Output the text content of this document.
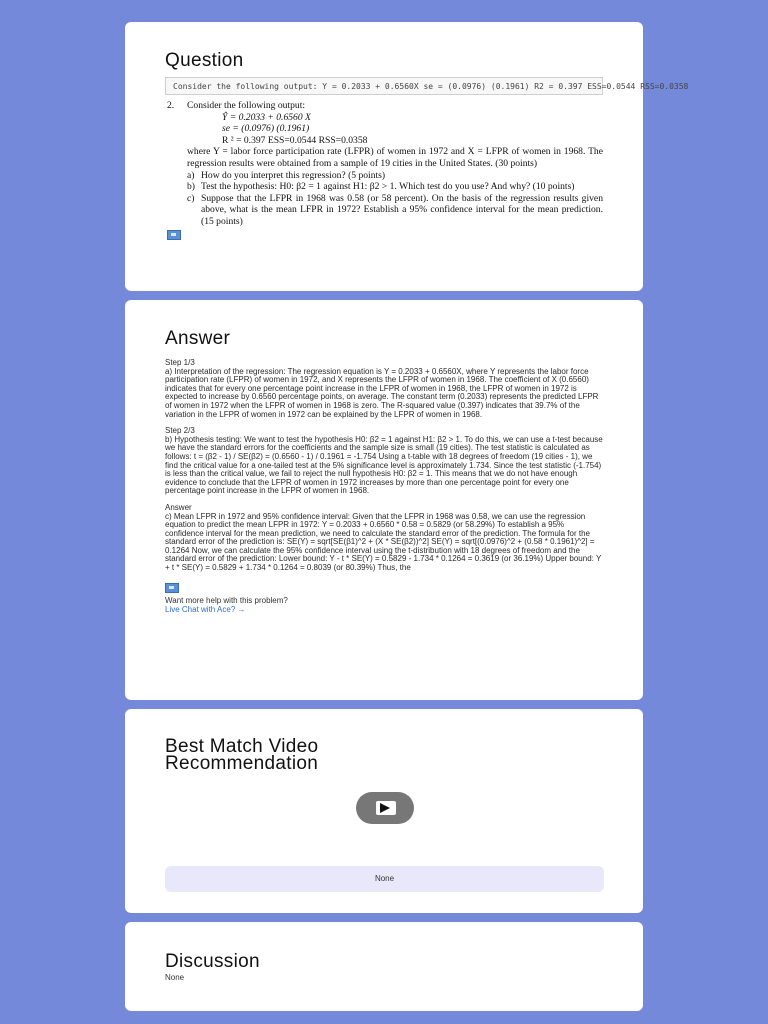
Question
Consider the following output: Y = 0.2033 + 0.6560X se = (0.0976) (0.1961) R2 = 0.397 ESS=0.0544 RSS=0.0358
2.	Consider the following output:
Ŷ = 0.2033 + 0.6560 X
se = (0.0976) (0.1961)
R ² = 0.397 ESS=0.0544 RSS=0.0358
where Y = labor force participation rate (LFPR) of women in 1972 and X = LFPR of women in 1968. The regression results were obtained from a sample of 19 cities in the United States. (30 points)
a) How do you interpret this regression? (5 points)
b) Test the hypothesis: H0: β2 = 1 against H1: β2 > 1. Which test do you use? And why? (10 points)
c) Suppose that the LFPR in 1968 was 0.58 (or 58 percent). On the basis of the regression results given above, what is the mean LFPR in 1972? Establish a 95% confidence interval for the mean prediction. (15 points)
Answer
Step 1/3
a) Interpretation of the regression: The regression equation is Y = 0.2033 + 0.6560X, where Y represents the labor force participation rate (LFPR) of women in 1972, and X represents the LFPR of women in 1968. The coefficient of X (0.6560) indicates that for every one percentage point increase in the LFPR of women in 1968, the LFPR of women in 1972 is expected to increase by 0.6560 percentage points, on average. The constant term (0.2033) represents the predicted LFPR of women in 1972 when the LFPR of women in 1968 is zero. The R-squared value (0.397) indicates that 39.7% of the variation in the LFPR of women in 1972 can be explained by the LFPR of women in 1968.
Step 2/3
b) Hypothesis testing: We want to test the hypothesis H0: β2 = 1 against H1: β2 > 1. To do this, we can use a t-test because we have the standard errors for the coefficients and the sample size is small (19 cities). The test statistic is calculated as follows: t = (β2 - 1) / SE(β2) = (0.6560 - 1) / 0.1961 = -1.754 Using a t-table with 18 degrees of freedom (19 cities - 1), we find the critical value for a one-tailed test at the 5% significance level is approximately 1.734. Since the test statistic (-1.754) is less than the critical value, we fail to reject the null hypothesis H0: β2 = 1. This means that we do not have enough evidence to conclude that the LFPR of women in 1972 increases by more than one percentage point for every one percentage point increase in the LFPR of women in 1968.
Answer
c) Mean LFPR in 1972 and 95% confidence interval: Given that the LFPR in 1968 was 0.58, we can use the regression equation to predict the mean LFPR in 1972: Y = 0.2033 + 0.6560 * 0.58 = 0.5829 (or 58.29%) To establish a 95% confidence interval for the mean prediction, we need to calculate the standard error of the prediction. The formula for the standard error of the prediction is: SE(Y) = sqrt[SE(β1)^2 + (X * SE(β2))^2] SE(Y) = sqrt[(0.0976)^2 + (0.58 * 0.1961)^2] = 0.1264 Now, we can calculate the 95% confidence interval using the t-distribution with 18 degrees of freedom and the standard error of the prediction: Lower bound: Y - t * SE(Y) = 0.5829 - 1.734 * 0.1264 = 0.3619 (or 36.19%) Upper bound: Y + t * SE(Y) = 0.5829 + 1.734 * 0.1264 = 0.8039 (or 80.39%) Thus, the
Want more help with this problem?
Live Chat with Ace? →
Best Match Video Recommendation
None
Discussion
None
